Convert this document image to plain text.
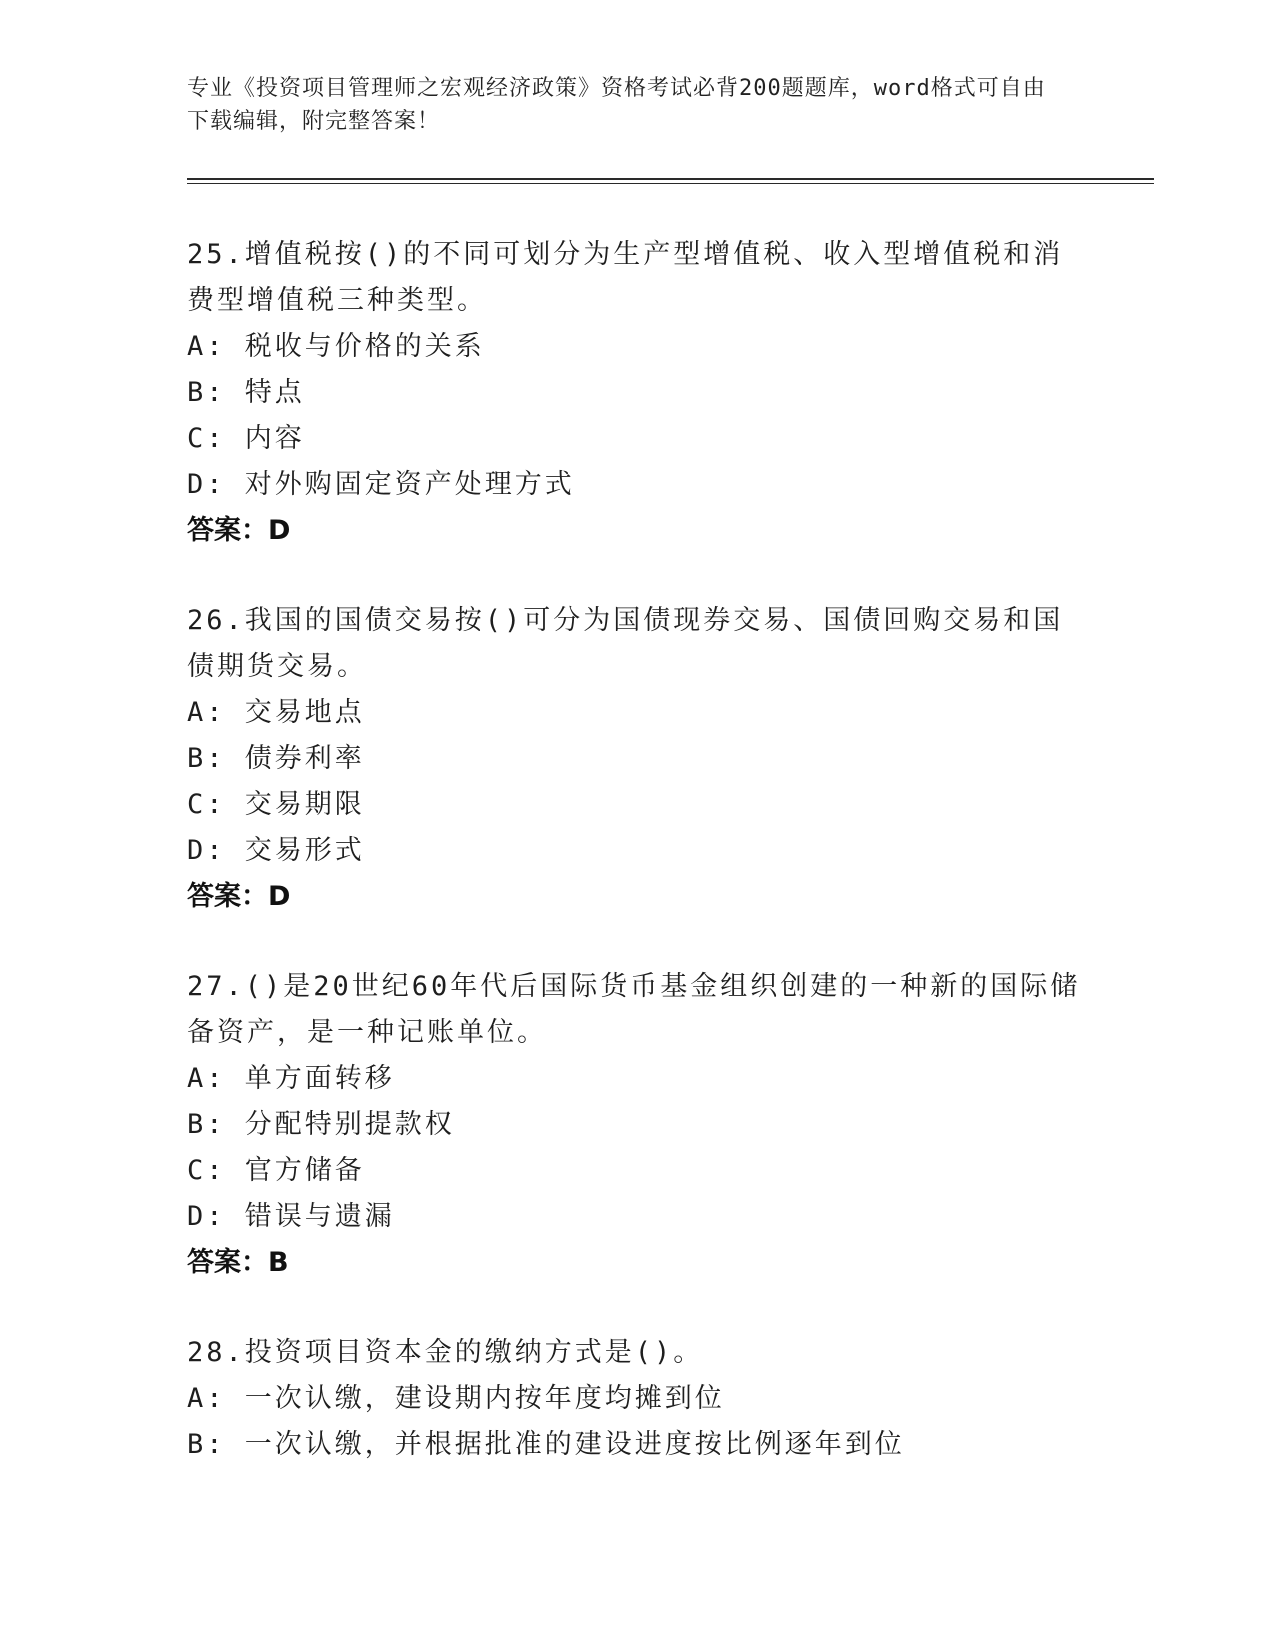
专业《投资项目管理师之宏观经济政策》资格考试必背200题题库，word格式可自由下载编辑，附完整答案！

25.增值税按()的不同可划分为生产型增值税、收入型增值税和消费型增值税三种类型。

A: 税收与价格的关系

B: 特点

C: 内容

D: 对外购固定资产处理方式

答案：D

26.我国的国债交易按()可分为国债现券交易、国债回购交易和国债期货交易。

A: 交易地点

B: 债券利率

C: 交易期限

D: 交易形式

答案：D

27.()是20世纪60年代后国际货币基金组织创建的一种新的国际储备资产，是一种记账单位。

A: 单方面转移

B: 分配特别提款权

C: 官方储备

D: 错误与遗漏

答案：B

28.投资项目资本金的缴纳方式是()。

A: 一次认缴，建设期内按年度均摊到位

B: 一次认缴，并根据批准的建设进度按比例逐年到位
